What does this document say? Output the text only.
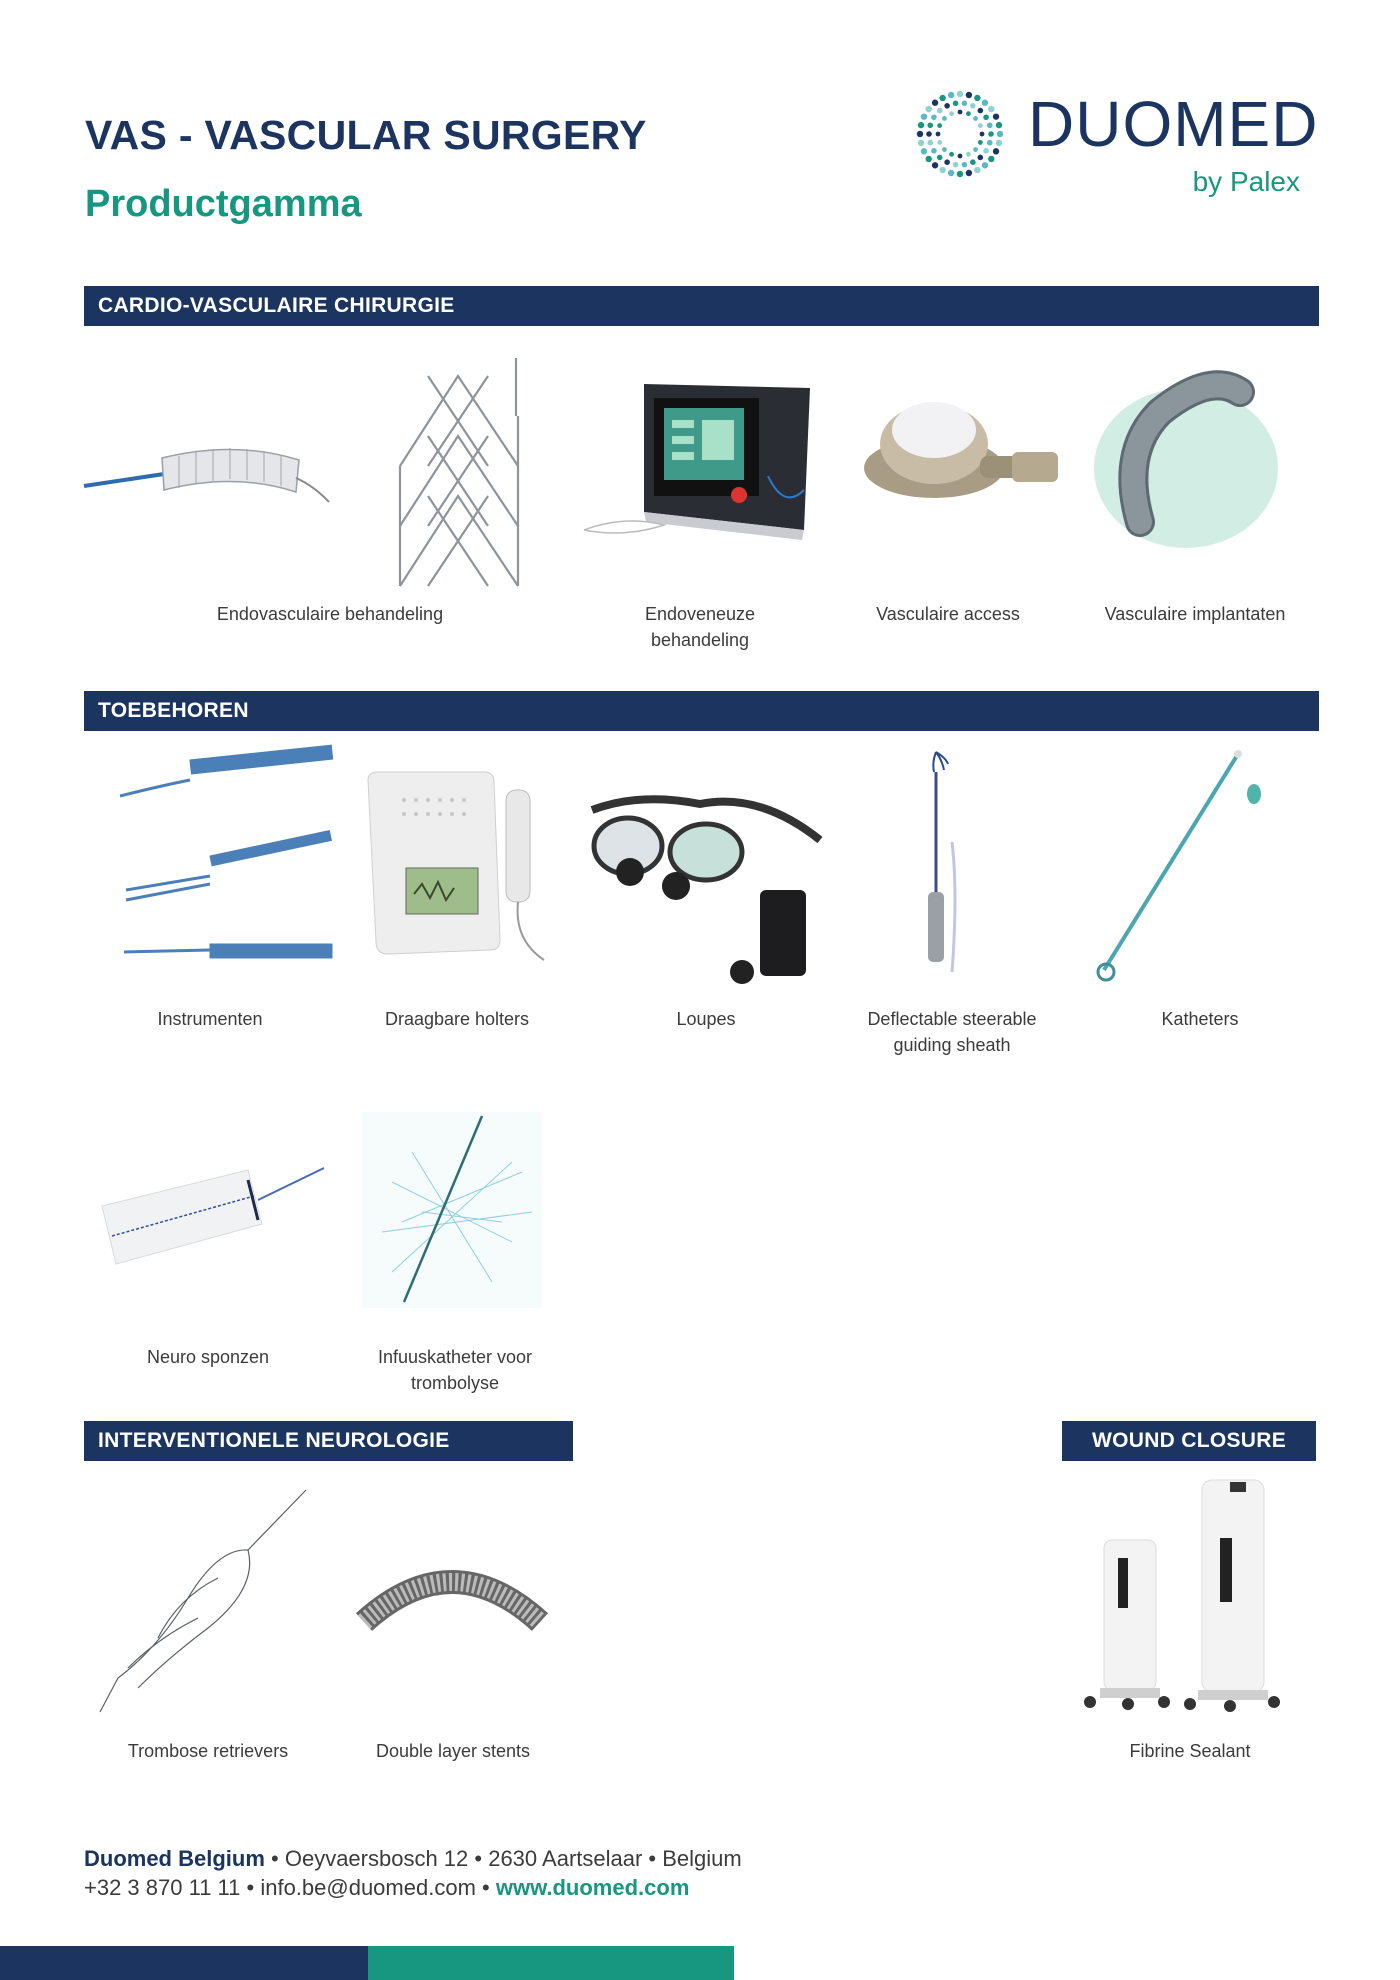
VAS - VASCULAR SURGERY
Productgamma
DUOMED
by Palex
CARDIO-VASCULAIRE CHIRURGIE
Endovasculaire behandeling	Endoveneuze
behandeling
Vasculaire access	Vasculaire implantaten
TOEBEHOREN
Instrumenten	Draagbare holters	Loupes	Deflectable steerable
guiding sheath
Katheters
Neuro sponzen	Infuuskatheter voor
trombolyse
INTERVENTIONELE NEUROLOGIE	WOUND CLOSURE
Trombose retrievers	Double layer stents	Fibrine Sealant
Duomed Belgium • Oeyvaersbosch 12 • 2630 Aartselaar • Belgium
+32 3 870 11 11 • info.be@duomed.com • www.duomed.com
